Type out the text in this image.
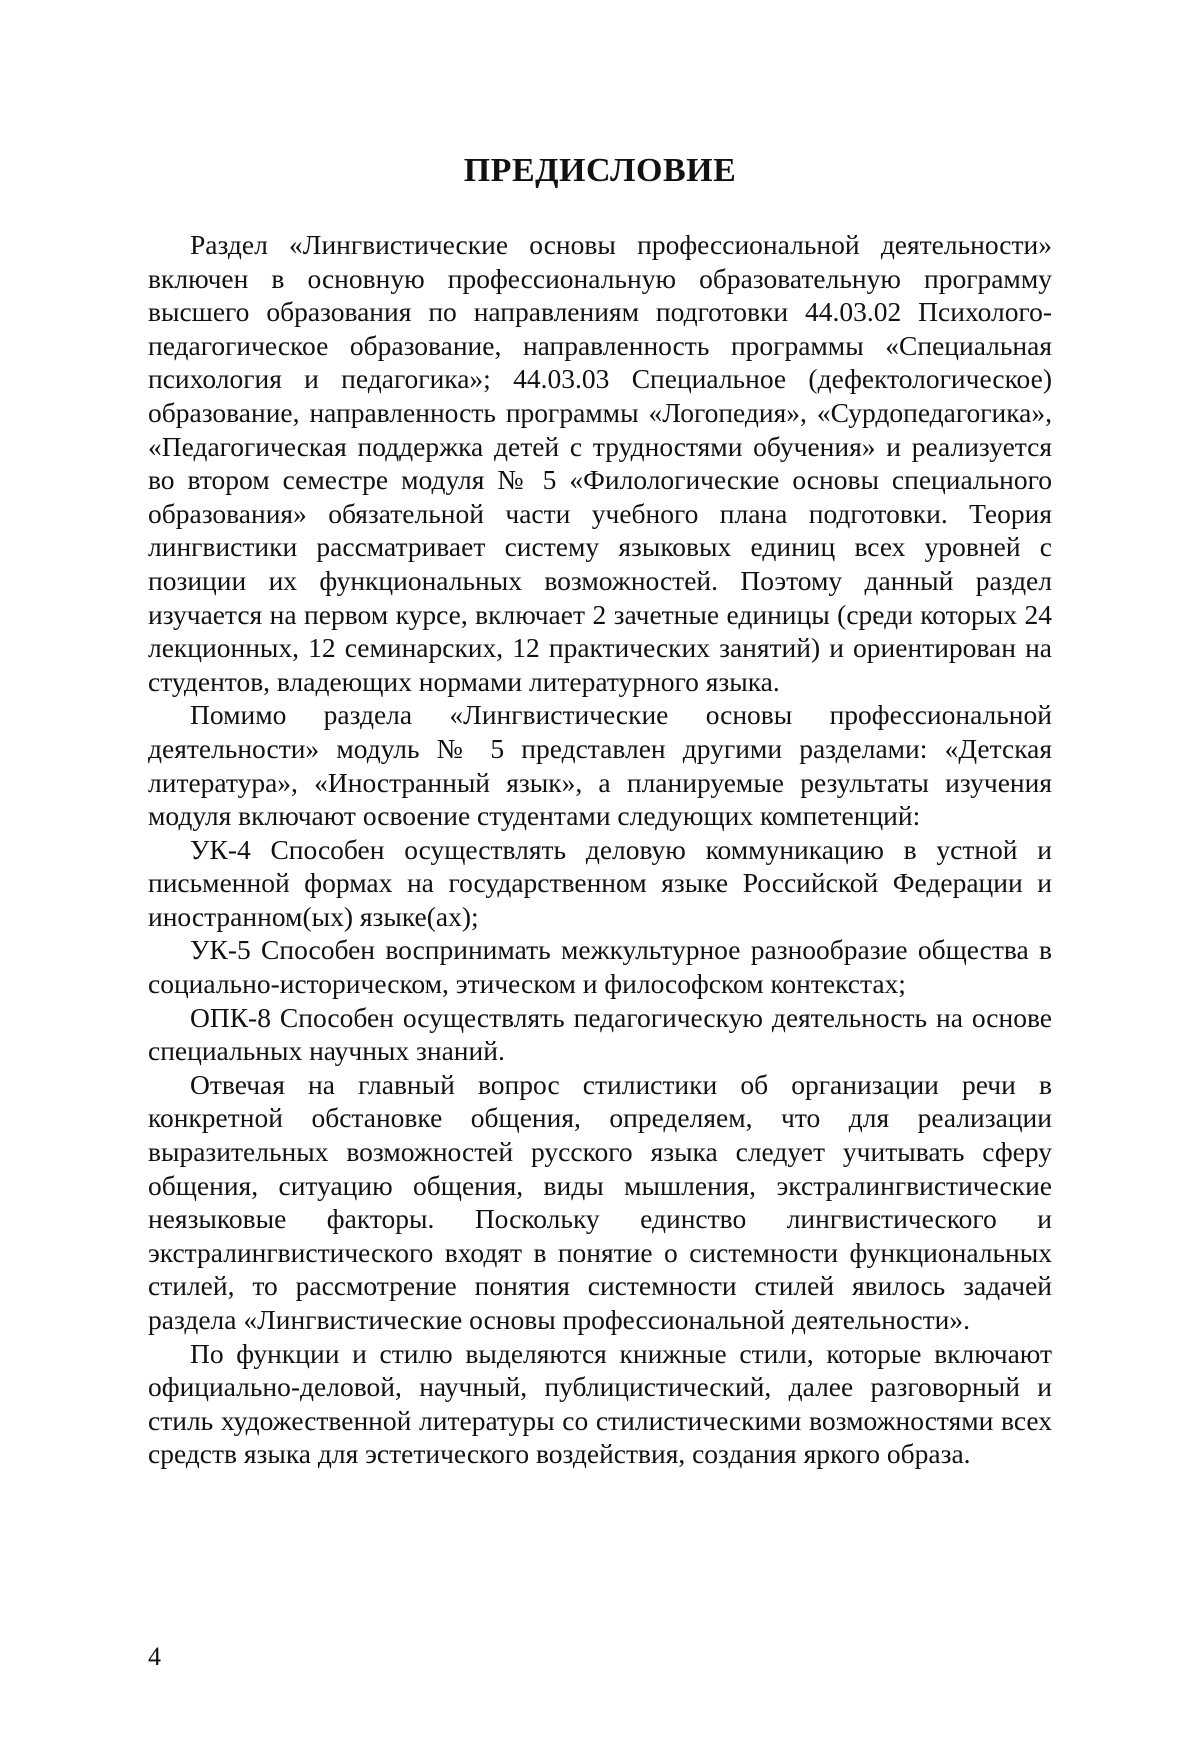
ПРЕДИСЛОВИЕ

Раздел «Лингвистические основы профессиональной деятельности» включен в основную профессиональную образовательную программу высшего образования по направлениям подготовки 44.03.02 Психолого-педагогическое образование, направленность программы «Специальная психология и педагогика»; 44.03.03 Специальное (дефектологическое) образование, направленность программы «Логопедия», «Сурдопедагогика», «Педагогическая поддержка детей с трудностями обучения» и реализуется во втором семестре модуля № 5 «Филологические основы специального образования» обязательной части учебного плана подготовки. Теория лингвистики рассматривает систему языковых единиц всех уровней с позиции их функциональных возможностей. Поэтому данный раздел изучается на первом курсе, включает 2 зачетные единицы (среди которых 24 лекционных, 12 семинарских, 12 практических занятий) и ориентирован на студентов, владеющих нормами литературного языка.

Помимо раздела «Лингвистические основы профессиональной деятельности» модуль № 5 представлен другими разделами: «Детская литература», «Иностранный язык», а планируемые результаты изучения модуля включают освоение студентами следующих компетенций:

УК-4 Способен осуществлять деловую коммуникацию в устной и письменной формах на государственном языке Российской Федерации и иностранном(ых) языке(ах);

УК-5 Способен воспринимать межкультурное разнообразие общества в социально-историческом, этическом и философском контекстах;

ОПК-8 Способен осуществлять педагогическую деятельность на основе специальных научных знаний.

Отвечая на главный вопрос стилистики об организации речи в конкретной обстановке общения, определяем, что для реализации выразительных возможностей русского языка следует учитывать сферу общения, ситуацию общения, виды мышления, экстралингвистические неязыковые факторы. Поскольку единство лингвистического и экстралингвистического входят в понятие о системности функциональных стилей, то рассмотрение понятия системности стилей явилось задачей раздела «Лингвистические основы профессиональной деятельности».

По функции и стилю выделяются книжные стили, которые включают официально-деловой, научный, публицистический, далее разговорный и стиль художественной литературы со стилистическими возможностями всех средств языка для эстетического воздействия, создания яркого образа.

4
